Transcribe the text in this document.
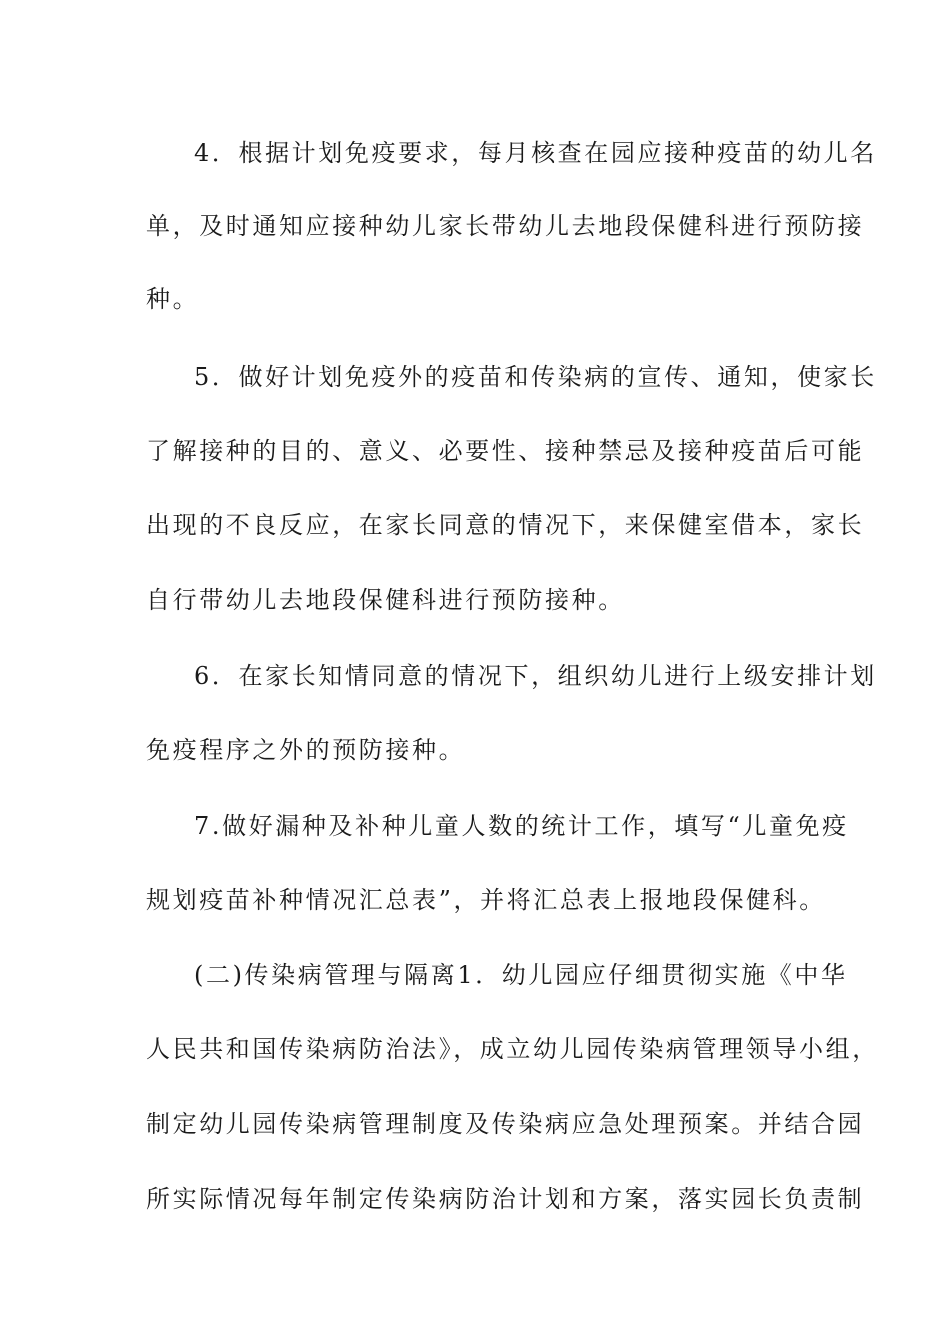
4．根据计划免疫要求，每月核查在园应接种疫苗的幼儿名
单，及时通知应接种幼儿家长带幼儿去地段保健科进行预防接
种。
5．做好计划免疫外的疫苗和传染病的宣传、通知，使家长
了解接种的目的、意义、必要性、接种禁忌及接种疫苗后可能
出现的不良反应，在家长同意的情况下，来保健室借本，家长
自行带幼儿去地段保健科进行预防接种。
6．在家长知情同意的情况下，组织幼儿进行上级安排计划
免疫程序之外的预防接种。
7.做好漏种及补种儿童人数的统计工作，填写“儿童免疫
规划疫苗补种情况汇总表”，并将汇总表上报地段保健科。
(二)传染病管理与隔离1．幼儿园应仔细贯彻实施《中华
人民共和国传染病防治法》，成立幼儿园传染病管理领导小组，
制定幼儿园传染病管理制度及传染病应急处理预案。并结合园
所实际情况每年制定传染病防治计划和方案，落实园长负责制
